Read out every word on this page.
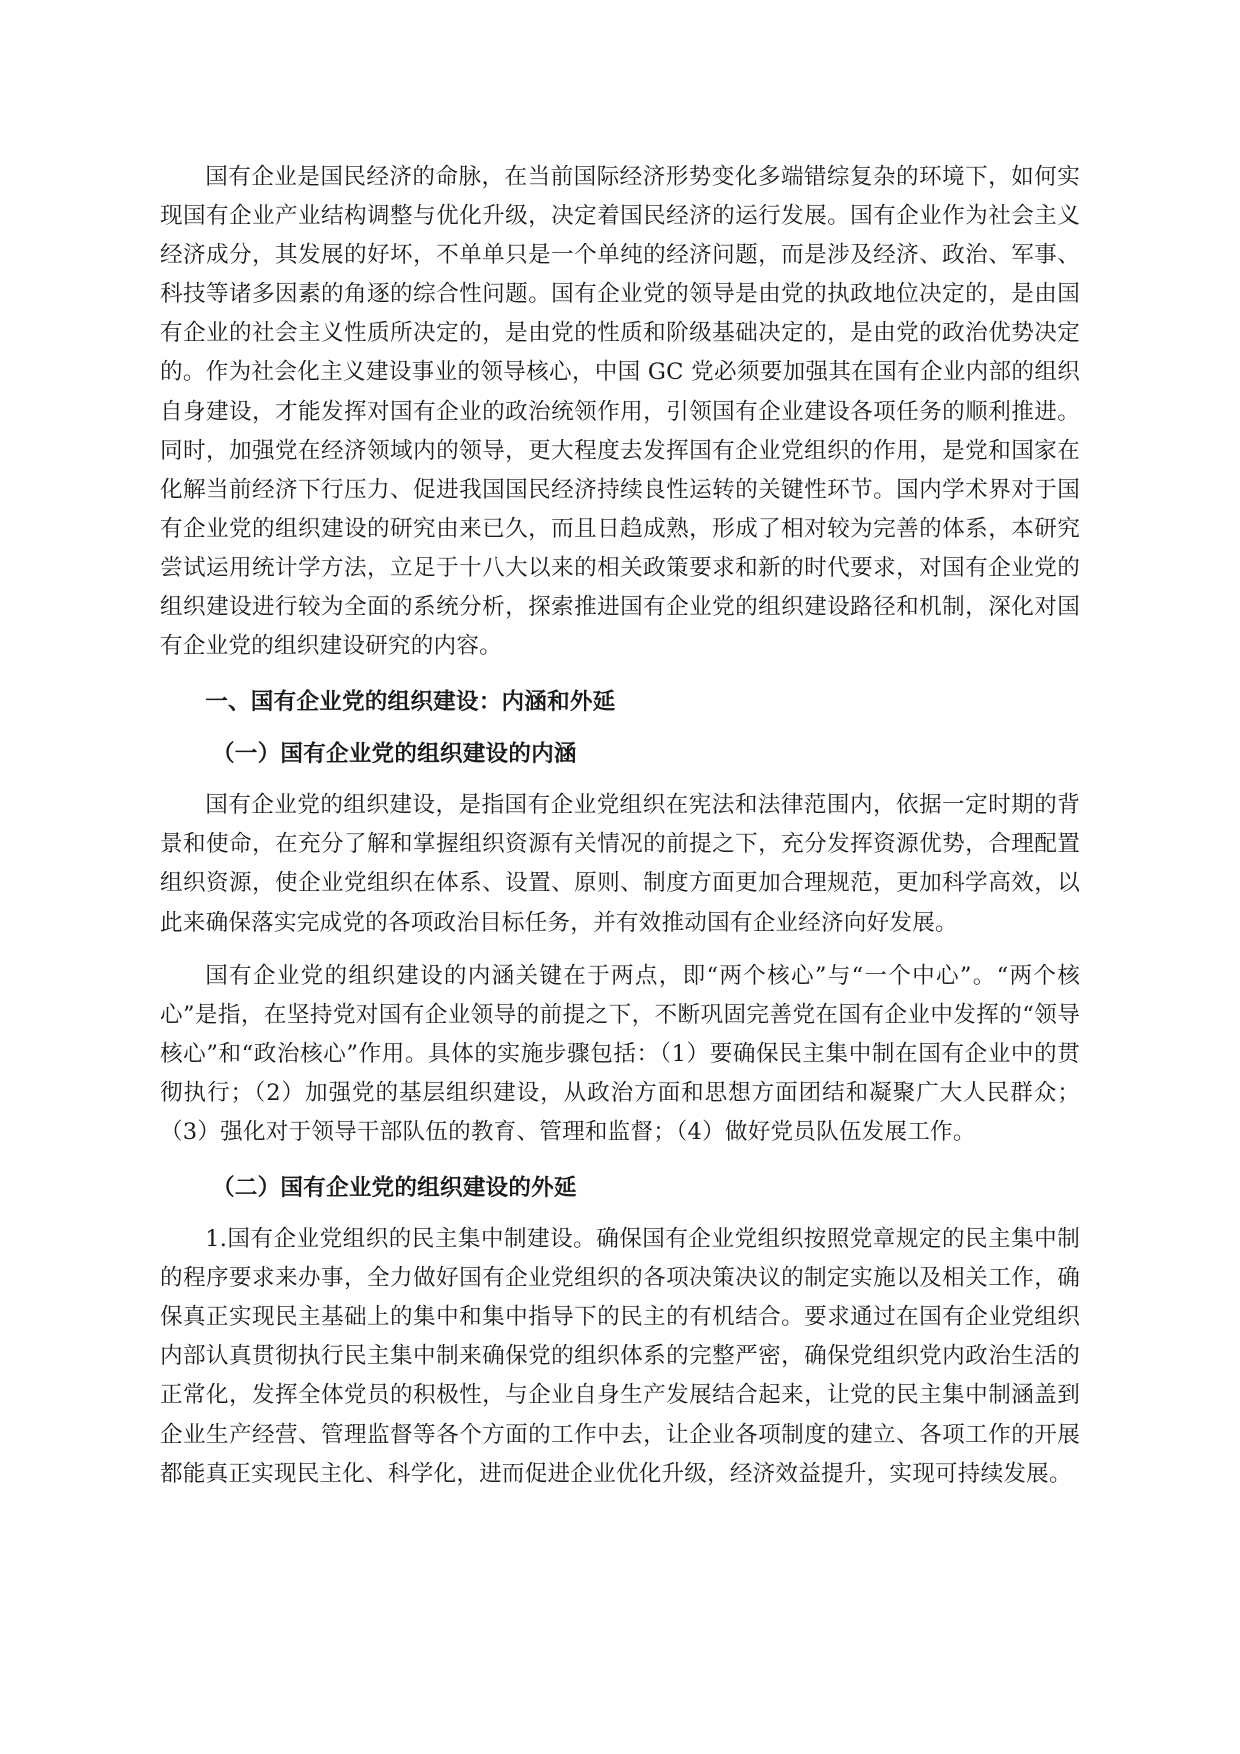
国有企业是国民经济的命脉，在当前国际经济形势变化多端错综复杂的环境下，如何实现国有企业产业结构调整与优化升级，决定着国民经济的运行发展。国有企业作为社会主义经济成分，其发展的好坏，不单单只是一个单纯的经济问题，而是涉及经济、政治、军事、科技等诸多因素的角逐的综合性问题。国有企业党的领导是由党的执政地位决定的，是由国有企业的社会主义性质所决定的，是由党的性质和阶级基础决定的，是由党的政治优势决定的。作为社会化主义建设事业的领导核心，中国 GC 党必须要加强其在国有企业内部的组织自身建设，才能发挥对国有企业的政治统领作用，引领国有企业建设各项任务的顺利推进。同时，加强党在经济领域内的领导，更大程度去发挥国有企业党组织的作用，是党和国家在化解当前经济下行压力、促进我国国民经济持续良性运转的关键性环节。国内学术界对于国有企业党的组织建设的研究由来已久，而且日趋成熟，形成了相对较为完善的体系，本研究尝试运用统计学方法，立足于十八大以来的相关政策要求和新的时代要求，对国有企业党的组织建设进行较为全面的系统分析，探索推进国有企业党的组织建设路径和机制，深化对国有企业党的组织建设研究的内容。

一、国有企业党的组织建设：内涵和外延

（一）国有企业党的组织建设的内涵

国有企业党的组织建设，是指国有企业党组织在宪法和法律范围内，依据一定时期的背景和使命，在充分了解和掌握组织资源有关情况的前提之下，充分发挥资源优势，合理配置组织资源，使企业党组织在体系、设置、原则、制度方面更加合理规范，更加科学高效，以此来确保落实完成党的各项政治目标任务，并有效推动国有企业经济向好发展。

国有企业党的组织建设的内涵关键在于两点，即“两个核心”与“一个中心”。“两个核心”是指，在坚持党对国有企业领导的前提之下，不断巩固完善党在国有企业中发挥的“领导核心”和“政治核心”作用。具体的实施步骤包括：（1）要确保民主集中制在国有企业中的贯彻执行；（2）加强党的基层组织建设，从政治方面和思想方面团结和凝聚广大人民群众；（3）强化对于领导干部队伍的教育、管理和监督；（4）做好党员队伍发展工作。

（二）国有企业党的组织建设的外延

1.国有企业党组织的民主集中制建设。确保国有企业党组织按照党章规定的民主集中制的程序要求来办事，全力做好国有企业党组织的各项决策决议的制定实施以及相关工作，确保真正实现民主基础上的集中和集中指导下的民主的有机结合。要求通过在国有企业党组织内部认真贯彻执行民主集中制来确保党的组织体系的完整严密，确保党组织党内政治生活的正常化，发挥全体党员的积极性，与企业自身生产发展结合起来，让党的民主集中制涵盖到企业生产经营、管理监督等各个方面的工作中去，让企业各项制度的建立、各项工作的开展都能真正实现民主化、科学化，进而促进企业优化升级，经济效益提升，实现可持续发展。
